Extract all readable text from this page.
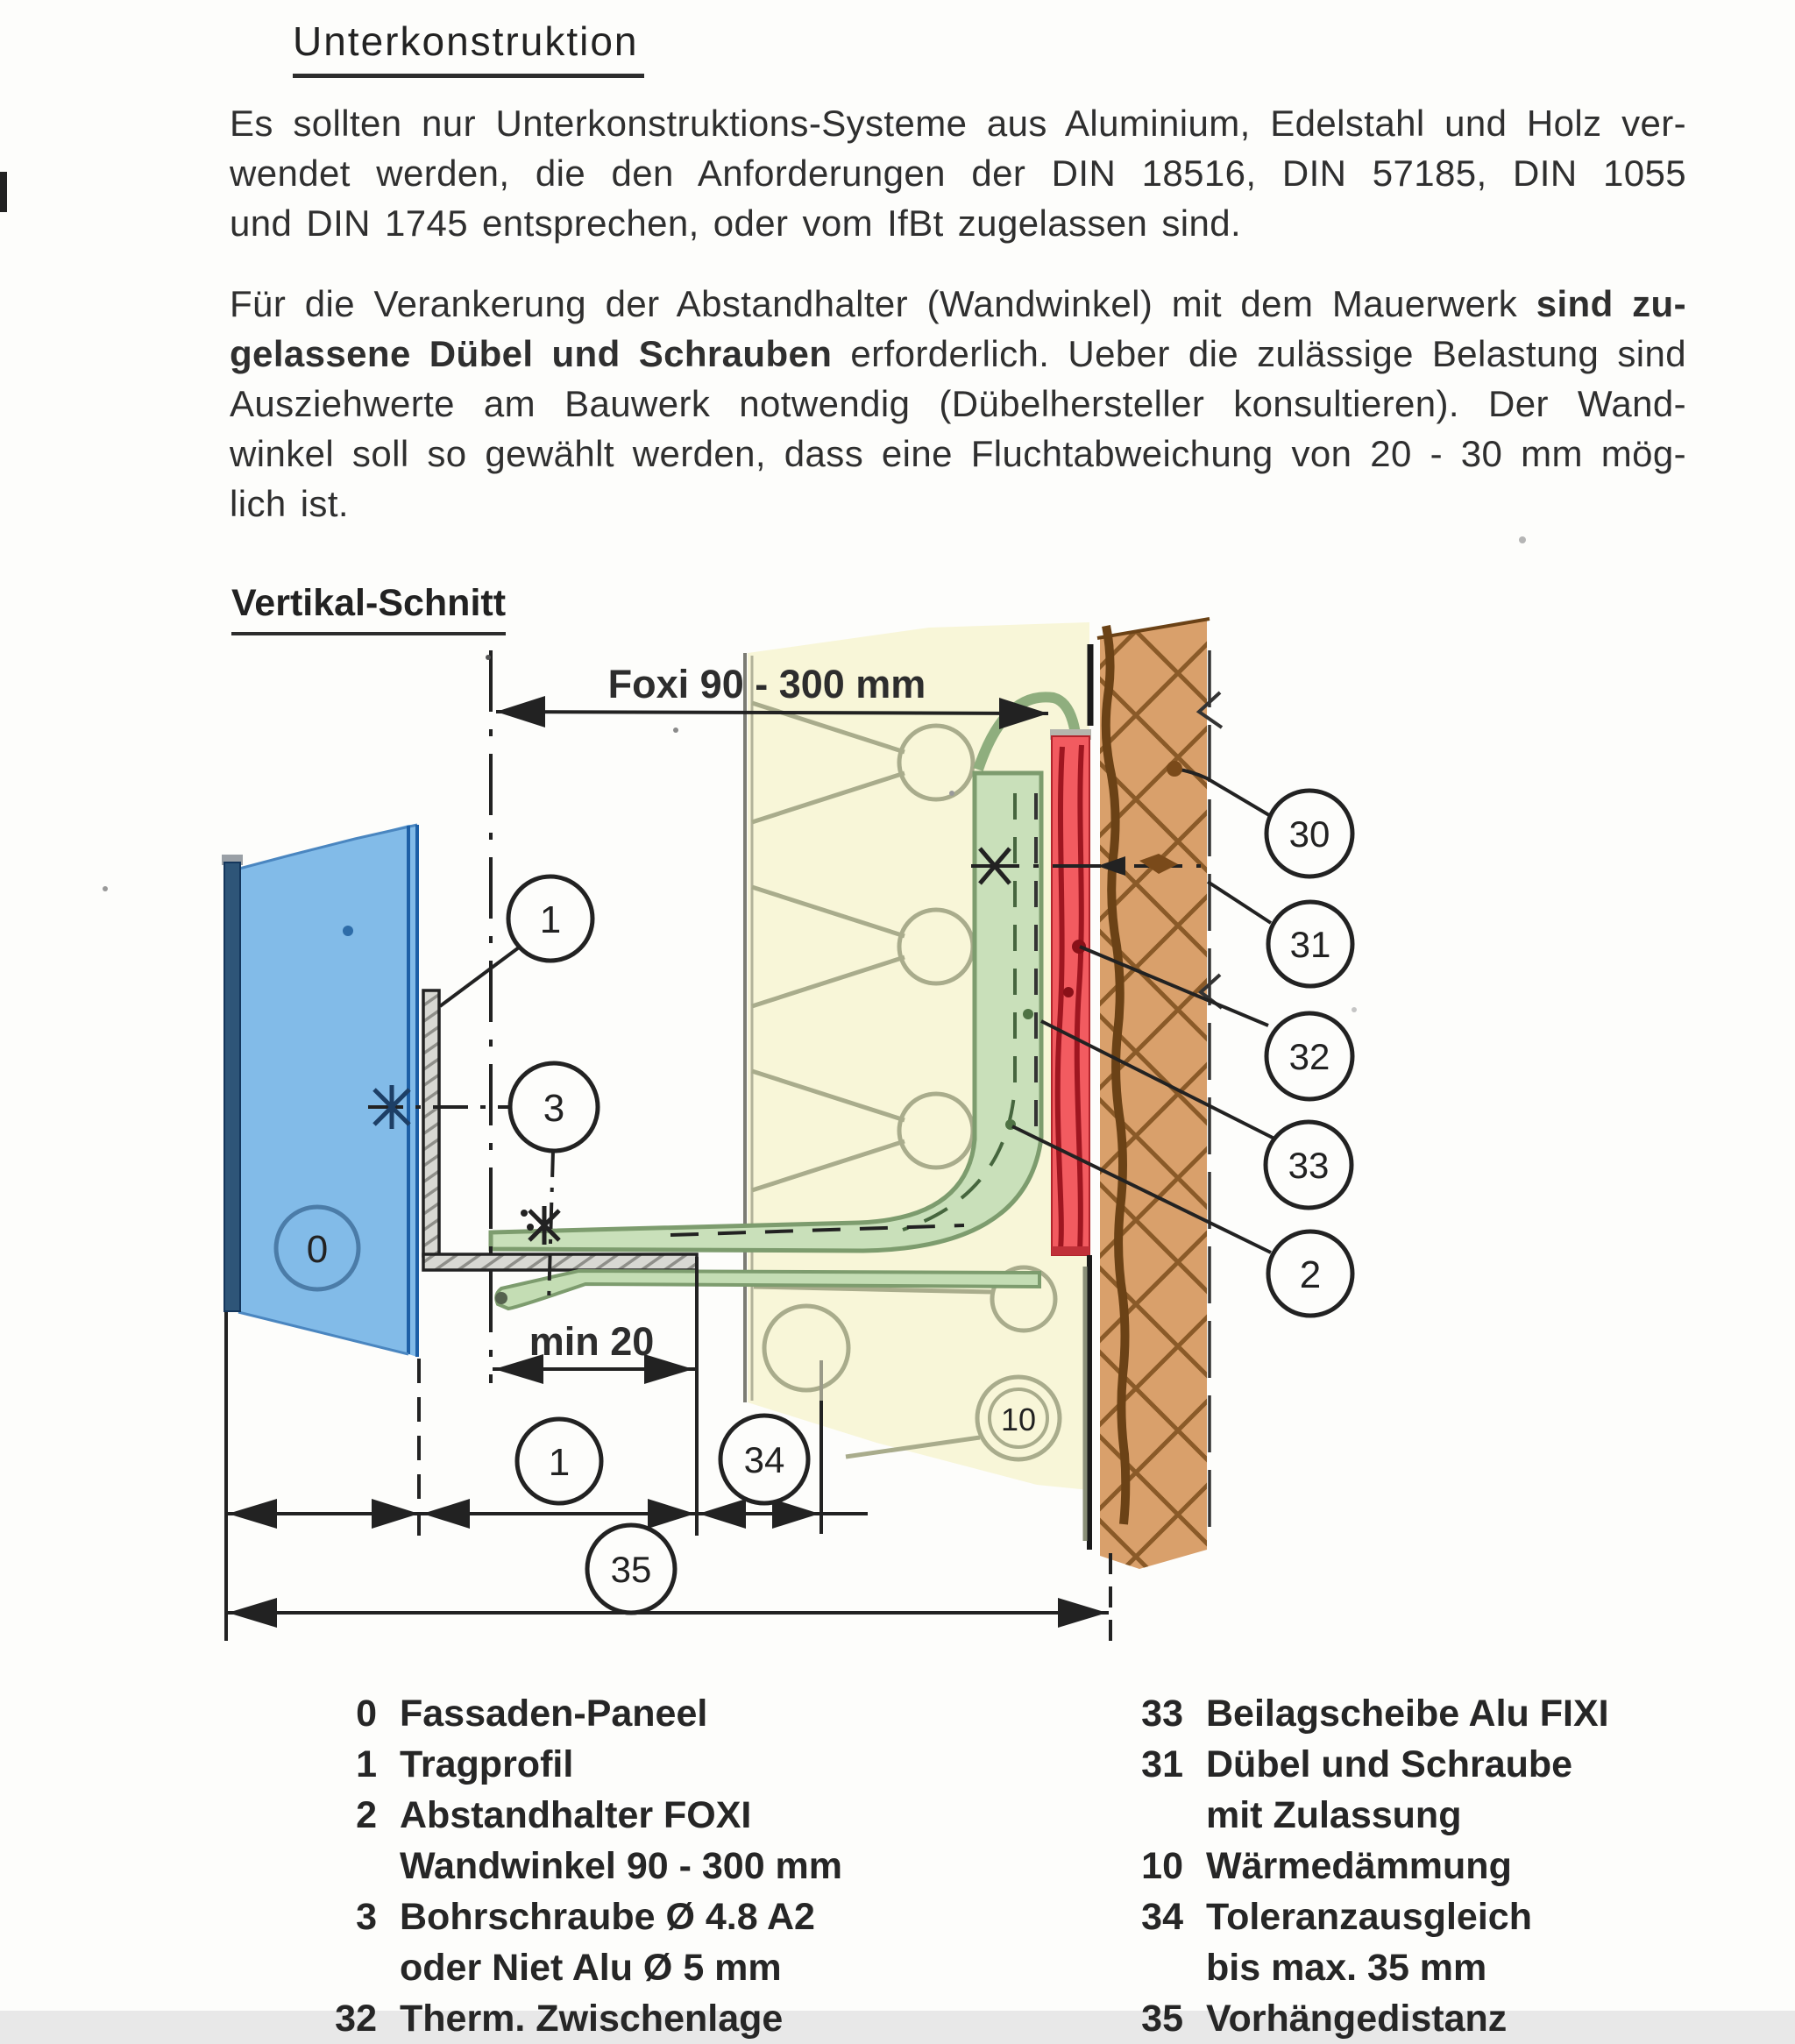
Unterkonstruktion
Es sollten nur Unterkonstruktions-Systeme aus Aluminium, Edelstahl und Holz ver-
wendet werden, die den Anforderungen der DIN 18516, DIN 57185, DIN 1055
und DIN 1745 entsprechen, oder vom IfBt zugelassen sind.
Für die Verankerung der Abstandhalter (Wandwinkel) mit dem Mauerwerk sind zu-
gelassene Dübel und Schrauben erforderlich. Ueber die zulässige Belastung sind
Ausziehwerte am Bauwerk notwendig (Dübelhersteller konsultieren). Der Wand-
winkel soll so gewählt werden, dass eine Fluchtabweichung von 20 - 30 mm mög-
lich ist.
Vertikal-Schnitt
1
3
0
10
1	34
35
30
31
32
33
2
Foxi 90 - 300 mm
min 20
0 Fassaden-Paneel
1 Tragprofil
2 Abstandhalter FOXI
Wandwinkel 90 - 300 mm
3 Bohrschraube Ø 4.8 A2
oder Niet Alu Ø 5 mm
32 Therm. Zwischenlage
33 Beilagscheibe Alu FIXI
31 Dübel und Schraube
mit Zulassung
10 Wärmedämmung
34 Toleranzausgleich
bis max. 35 mm
35 Vorhängedistanz
